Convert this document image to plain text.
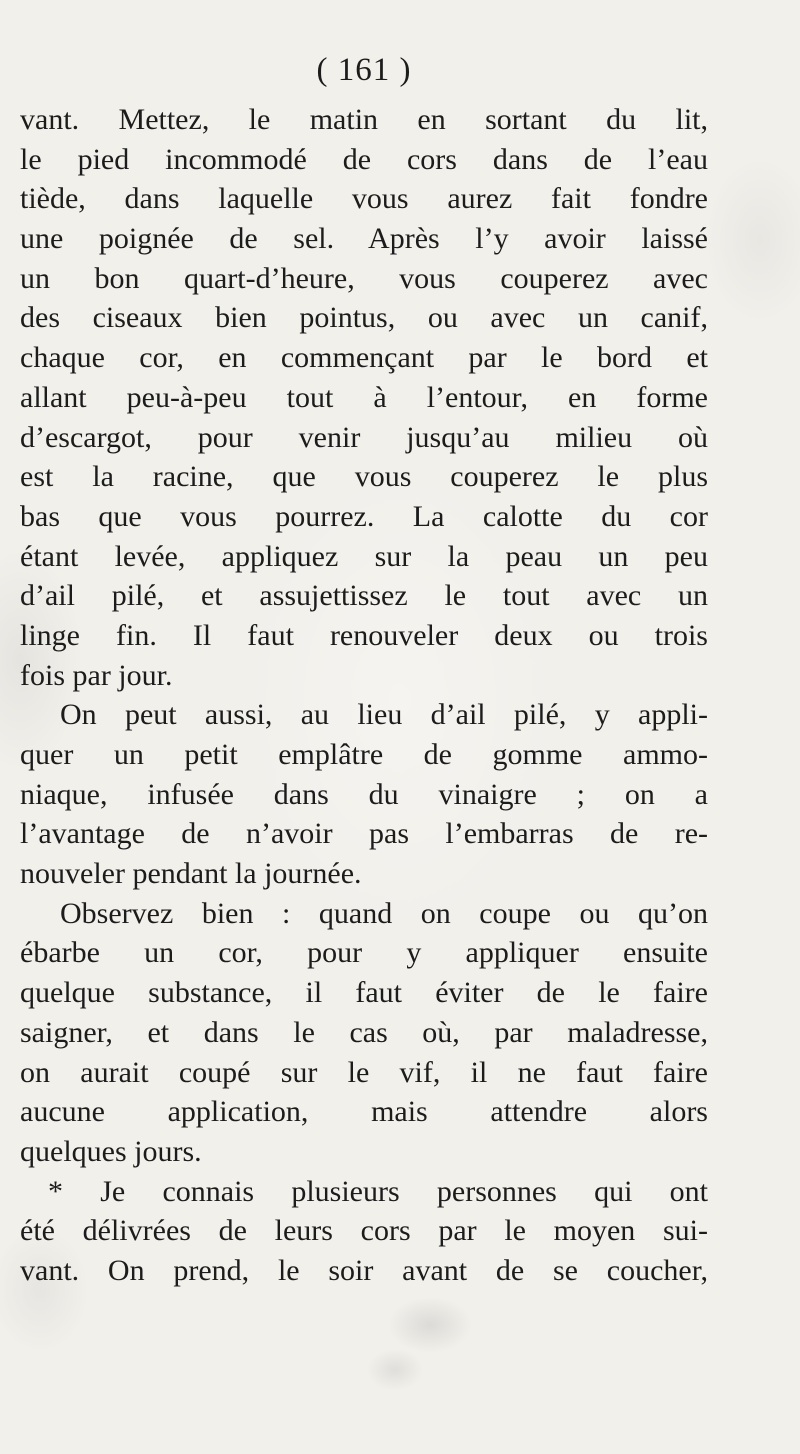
( 161 )
vant. Mettez, le matin en sortant du lit,
le pied incommodé de cors dans de l’eau
tiède, dans laquelle vous aurez fait fondre
une poignée de sel. Après l’y avoir laissé
un bon quart-d’heure, vous couperez avec
des ciseaux bien pointus, ou avec un canif,
chaque cor, en commençant par le bord et
allant peu-à-peu tout à l’entour, en forme
d’escargot, pour venir jusqu’au milieu où
est la racine, que vous couperez le plus
bas que vous pourrez. La calotte du cor
étant levée, appliquez sur la peau un peu
d’ail pilé, et assujettissez le tout avec un
linge fin. Il faut renouveler deux ou trois
fois par jour.
On peut aussi, au lieu d’ail pilé, y appli-
quer un petit emplâtre de gomme ammo-
niaque, infusée dans du vinaigre ; on a
l’avantage de n’avoir pas l’embarras de re-
nouveler pendant la journée.
Observez bien : quand on coupe ou qu’on
ébarbe un cor, pour y appliquer ensuite
quelque substance, il faut éviter de le faire
saigner, et dans le cas où, par maladresse,
on aurait coupé sur le vif, il ne faut faire
aucune application, mais attendre alors
quelques jours.
* Je connais plusieurs personnes qui ont
été délivrées de leurs cors par le moyen sui-
vant. On prend, le soir avant de se coucher,
